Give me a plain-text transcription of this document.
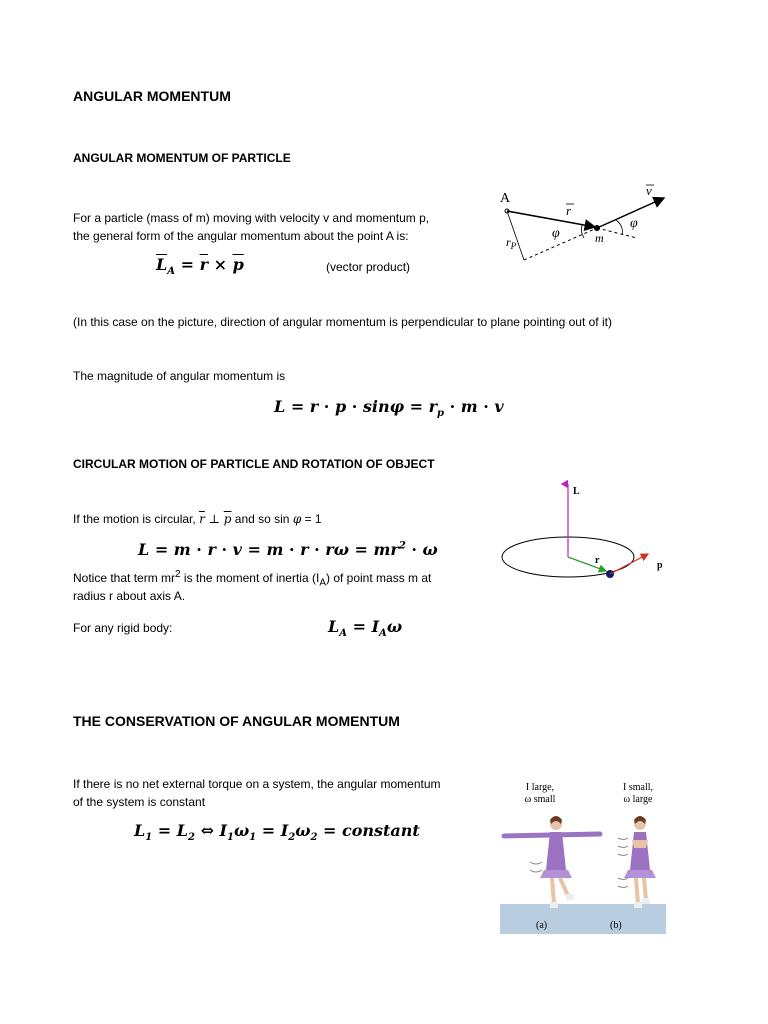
ANGULAR MOMENTUM
ANGULAR MOMENTUM OF PARTICLE
For a particle (mass of m) moving with velocity v and momentum p,
the general form of the angular momentum about the point A is:
$\overline{L}_A = \overline{r} \times \overline{p}$	(vector product)
A
r
v
φ
φ
m
$r_P$
(In this case on the picture, direction of angular momentum is perpendicular to plane pointing out of it)
The magnitude of angular momentum is
$L = r \cdot p \cdot \sin\varphi = r_p \cdot m \cdot v$
CIRCULAR MOTION OF PARTICLE AND ROTATION OF OBJECT
If the motion is circular, $\overline{r}$ ⊥ $\overline{p}$ and so sin φ = 1
$L = m \cdot r \cdot v = m \cdot r \cdot r\omega = mr^2 \cdot \omega$
Notice that term $mr^2$ is the moment of inertia $(I_A)$ of point mass m at
radius r about axis A.
For any rigid body:	$L_A = I_A\omega$
L
r	p
THE CONSERVATION OF ANGULAR MOMENTUM
If there is no net external torque on a system, the angular momentum
of the system is constant
$L_1 = L_2$ ⇔ $I_1\omega_1 = I_2\omega_2$ = constant
I large,
ω small
I small,
ω large
(a)	(b)
